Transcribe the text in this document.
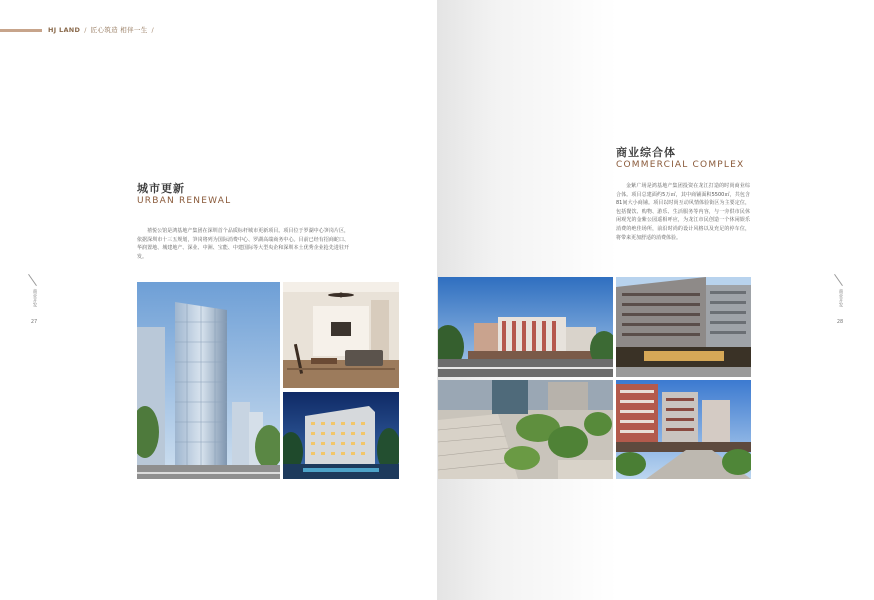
HJ LAND / 匠心筑造 相伴一生 /
城市更新
URBAN RENEWAL
禧悦公馆是鸿基地产集团在深圳首个品质标杆城市更新项目。项目位于罗湖中心笋岗片区，依据深圳市十三五规划，笋岗将列为国际消费中心、罗湖高端商务中心。目前已经有招商蛇口、华润置地、城建地产、深业、中洲、宝能、中建国际等大型央企和深圳本土优秀企业抢先进驻开发。
商业开发
27
商业综合体
COMMERCIAL COMPLEX
金紫广场是鸿基地产集团投资在龙江打造的时尚商业综合体。项目总建面约5万㎡，其中商铺面积5500㎡，共包含81间大小商铺。项目以时尚互动风情体验街区为主要定位，包括餐饮、购物、游乐、生活服务等内容，与一旁供市民休闲观光的金紫公园遥相呼应，为龙江市民创造一个休闲娱乐消费的绝佳场所，前沿时尚的设计风格以及充足的停车位，将带来更加舒适的消费体验。
商业开发
28
